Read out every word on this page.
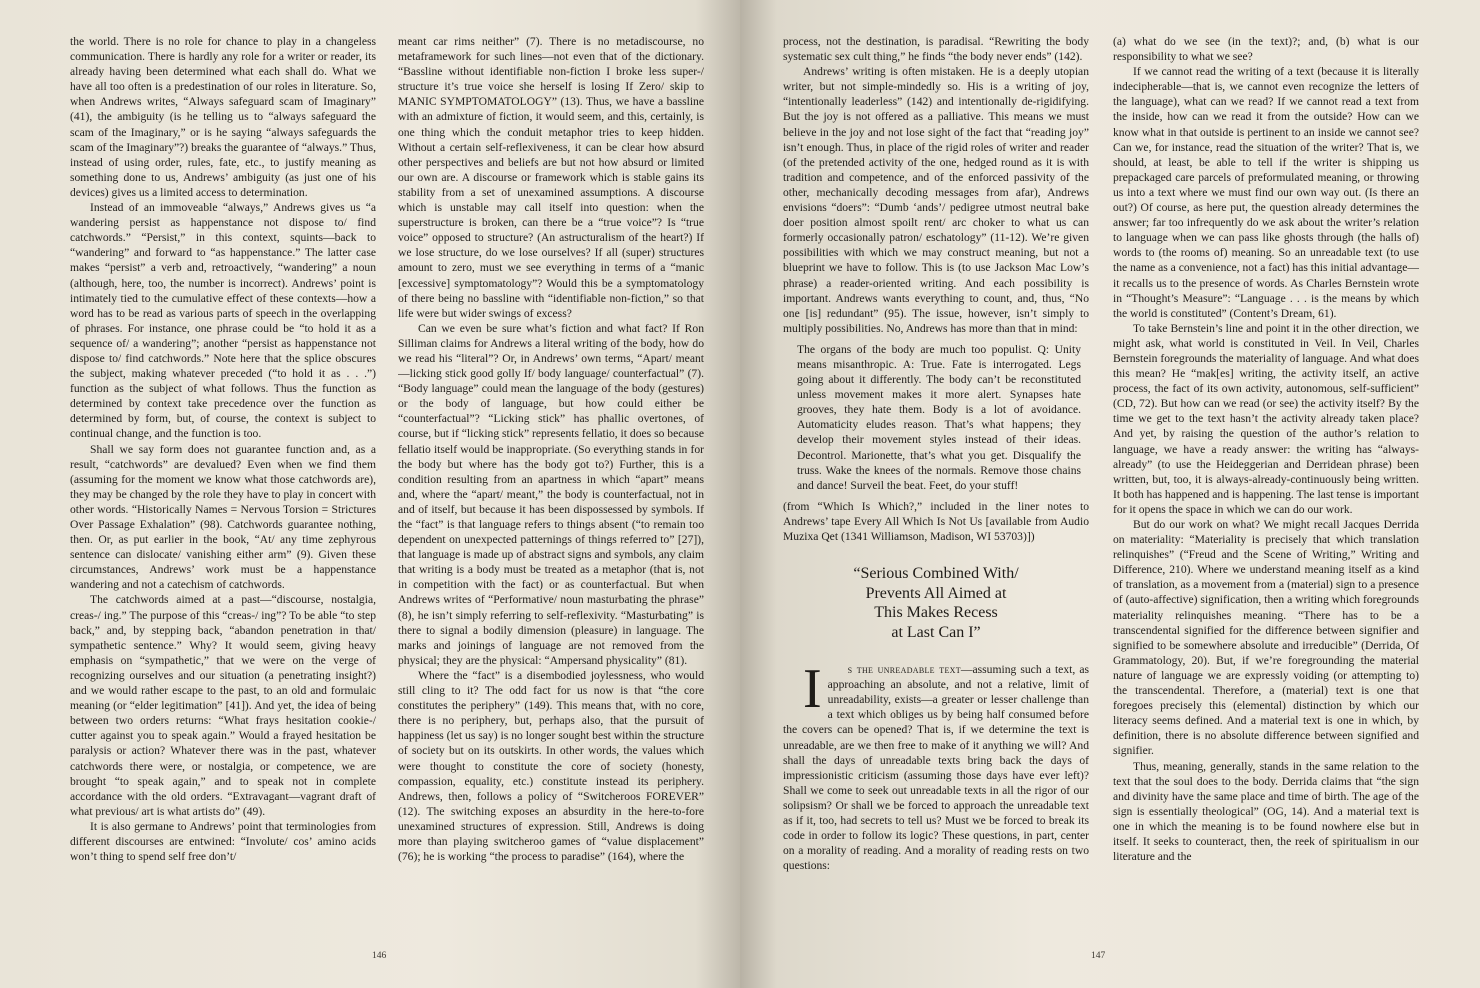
the world. There is no role for chance to play in a changeless communication. There is hardly any role for a writer or reader, its already having been determined what each shall do. What we have all too often is a predestination of our roles in literature. So, when Andrews writes, “Always safeguard scam of Imaginary” (41), the ambiguity (is he telling us to “always safeguard the scam of the Imaginary,” or is he saying “always safeguards the scam of the Imaginary”?) breaks the guarantee of “always.” Thus, instead of using order, rules, fate, etc., to justify meaning as something done to us, Andrews’ ambiguity (as just one of his devices) gives us a limited access to determination.

Instead of an immoveable “always,” Andrews gives us “a wandering persist as happenstance not dispose to/ find catchwords.” “Persist,” in this context, squints—back to “wandering” and forward to “as happenstance.” The latter case makes “persist” a verb and, retroactively, “wandering” a noun (although, here, too, the number is incorrect). Andrews’ point is intimately tied to the cumulative effect of these contexts—how a word has to be read as various parts of speech in the overlapping of phrases. For instance, one phrase could be “to hold it as a sequence of/ a wandering”; another “persist as happenstance not dispose to/ find catchwords.” Note here that the splice obscures the subject, making whatever preceded (“to hold it as . . .”) function as the subject of what follows. Thus the function as determined by context take precedence over the function as determined by form, but, of course, the context is subject to continual change, and the function is too.

Shall we say form does not guarantee function and, as a result, “catchwords” are devalued? Even when we find them (assuming for the moment we know what those catchwords are), they may be changed by the role they have to play in concert with other words. “Historically Names = Nervous Torsion = Strictures Over Passage Exhalation” (98). Catchwords guarantee nothing, then. Or, as put earlier in the book, “At/ any time zephyrous sentence can dislocate/ vanishing either arm” (9). Given these circumstances, Andrews’ work must be a happenstance wandering and not a catechism of catchwords.

The catchwords aimed at a past—“discourse, nostalgia, creas-/ ing.” The purpose of this “creas-/ ing”? To be able “to step back,” and, by stepping back, “abandon penetration in that/ sympathetic sentence.” Why? It would seem, giving heavy emphasis on “sympathetic,” that we were on the verge of recognizing ourselves and our situation (a penetrating insight?) and we would rather escape to the past, to an old and formulaic meaning (or “elder legitimation” [41]). And yet, the idea of being between two orders returns: “What frays hesitation cookie-/ cutter against you to speak again.” Would a frayed hesitation be paralysis or action? Whatever there was in the past, whatever catchwords there were, or nostalgia, or competence, we are brought “to speak again,” and to speak not in complete accordance with the old orders. “Extravagant—vagrant draft of what previous/ art is what artists do” (49).

It is also germane to Andrews’ point that terminologies from different discourses are entwined: “Involute/ cos’ amino acids won’t thing to spend self free don’t/

meant car rims neither” (7). There is no metadiscourse, no metaframework for such lines—not even that of the dictionary. “Bassline without identifiable non-fiction I broke less super-/ structure it’s true voice she herself is losing If Zero/ skip to MANIC SYMPTOMATOLOGY” (13). Thus, we have a bassline with an admixture of fiction, it would seem, and this, certainly, is one thing which the conduit metaphor tries to keep hidden. Without a certain self-reflexiveness, it can be clear how absurd other perspectives and beliefs are but not how absurd or limited our own are. A discourse or framework which is stable gains its stability from a set of unexamined assumptions. A discourse which is unstable may call itself into question: when the superstructure is broken, can there be a “true voice”? Is “true voice” opposed to structure? (An astructuralism of the heart?) If we lose structure, do we lose ourselves? If all (super) structures amount to zero, must we see everything in terms of a “manic [excessive] symptomatology”? Would this be a symptomatology of there being no bassline with “identifiable non-fiction,” so that life were but wider swings of excess?

Can we even be sure what’s fiction and what fact? If Ron Silliman claims for Andrews a literal writing of the body, how do we read his “literal”? Or, in Andrews’ own terms, “Apart/ meant —licking stick good golly If/ body language/ counterfactual” (7). “Body language” could mean the language of the body (gestures) or the body of language, but how could either be “counterfactual”? “Licking stick” has phallic overtones, of course, but if “licking stick” represents fellatio, it does so because fellatio itself would be inappropriate. (So everything stands in for the body but where has the body got to?) Further, this is a condition resulting from an apartness in which “apart” means and, where the “apart/ meant,” the body is counterfactual, not in and of itself, but because it has been dispossessed by symbols. If the “fact” is that language refers to things absent (“to remain too dependent on unexpected patternings of things referred to” [27]), that language is made up of abstract signs and symbols, any claim that writing is a body must be treated as a metaphor (that is, not in competition with the fact) or as counterfactual. But when Andrews writes of “Performative/ noun masturbating the phrase” (8), he isn’t simply referring to self-reflexivity. “Masturbating” is there to signal a bodily dimension (pleasure) in language. The marks and joinings of language are not removed from the physical; they are the physical: “Ampersand physicality” (81).

Where the “fact” is a disembodied joylessness, who would still cling to it? The odd fact for us now is that “the core constitutes the periphery” (149). This means that, with no core, there is no periphery, but, perhaps also, that the pursuit of happiness (let us say) is no longer sought best within the structure of society but on its outskirts. In other words, the values which were thought to constitute the core of society (honesty, compassion, equality, etc.) constitute instead its periphery. Andrews, then, follows a policy of “Switcheroos FOREVER” (12). The switching exposes an absurdity in the here-to-fore unexamined structures of expression. Still, Andrews is doing more than playing switcheroo games of “value displacement” (76); he is working “the process to paradise” (164), where the

146

process, not the destination, is paradisal. “Rewriting the body systematic sex cult thing,” he finds “the body never ends” (142).

Andrews’ writing is often mistaken. He is a deeply utopian writer, but not simple-mindedly so. His is a writing of joy, “intentionally leaderless” (142) and intentionally de-rigidifying. But the joy is not offered as a palliative. This means we must believe in the joy and not lose sight of the fact that “reading joy” isn’t enough. Thus, in place of the rigid roles of writer and reader (of the pretended activity of the one, hedged round as it is with tradition and competence, and of the enforced passivity of the other, mechanically decoding messages from afar), Andrews envisions “doers”: “Dumb ‘ands’/ pedigree utmost neutral bake doer position almost spoilt rent/ arc choker to what us can formerly occasionally patron/ eschatology” (11-12). We’re given possibilities with which we may construct meaning, but not a blueprint we have to follow. This is (to use Jackson Mac Low’s phrase) a reader-oriented writing. And each possibility is important. Andrews wants everything to count, and, thus, “No one [is] redundant” (95). The issue, however, isn’t simply to multiply possibilities. No, Andrews has more than that in mind:

The organs of the body are much too populist. Q: Unity means misanthropic. A: True. Fate is interrogated. Legs going about it differently. The body can’t be reconstituted unless movement makes it more alert. Synapses hate grooves, they hate them. Body is a lot of avoidance. Automaticity eludes reason. That’s what happens; they develop their movement styles instead of their ideas. Decontrol. Marionette, that’s what you get. Disqualify the truss. Wake the knees of the normals. Remove those chains and dance! Surveil the beat. Feet, do your stuff!

(from “Which Is Which?,” included in the liner notes to Andrews’ tape Every All Which Is Not Us [available from Audio Muzixa Qet (1341 Williamson, Madison, WI 53703)])

“Serious Combined With/
Prevents All Aimed at
This Makes Recess
at Last Can I”

I s the unreadable text—assuming such a text, as approaching an absolute, and not a relative, limit of unreadability, exists—a greater or lesser challenge than a text which obliges us by being half consumed before the covers can be opened? That is, if we determine the text is unreadable, are we then free to make of it anything we will? And shall the days of unreadable texts bring back the days of impressionistic criticism (assuming those days have ever left)? Shall we come to seek out unreadable texts in all the rigor of our solipsism? Or shall we be forced to approach the unreadable text as if it, too, had secrets to tell us? Must we be forced to break its code in order to follow its logic? These questions, in part, center on a morality of reading. And a morality of reading rests on two questions:

(a) what do we see (in the text)?; and, (b) what is our responsibility to what we see?

If we cannot read the writing of a text (because it is literally indecipherable—that is, we cannot even recognize the letters of the language), what can we read? If we cannot read a text from the inside, how can we read it from the outside? How can we know what in that outside is pertinent to an inside we cannot see? Can we, for instance, read the situation of the writer? That is, we should, at least, be able to tell if the writer is shipping us prepackaged care parcels of preformulated meaning, or throwing us into a text where we must find our own way out. (Is there an out?) Of course, as here put, the question already determines the answer; far too infrequently do we ask about the writer’s relation to language when we can pass like ghosts through (the halls of) words to (the rooms of) meaning. So an unreadable text (to use the name as a convenience, not a fact) has this initial advantage—it recalls us to the presence of words. As Charles Bernstein wrote in “Thought’s Measure”: “Language . . . is the means by which the world is constituted” (Content’s Dream, 61).

To take Bernstein’s line and point it in the other direction, we might ask, what world is constituted in Veil. In Veil, Charles Bernstein foregrounds the materiality of language. And what does this mean? He “mak[es] writing, the activity itself, an active process, the fact of its own activity, autonomous, self-sufficient” (CD, 72). But how can we read (or see) the activity itself? By the time we get to the text hasn’t the activity already taken place? And yet, by raising the question of the author’s relation to language, we have a ready answer: the writing has “always-already” (to use the Heideggerian and Derridean phrase) been written, but, too, it is always-already-continuously being written. It both has happened and is happening. The last tense is important for it opens the space in which we can do our work.

But do our work on what? We might recall Jacques Derrida on materiality: “Materiality is precisely that which translation relinquishes” (“Freud and the Scene of Writing,” Writing and Difference, 210). Where we understand meaning itself as a kind of translation, as a movement from a (material) sign to a presence of (auto-affective) signification, then a writing which foregrounds materiality relinquishes meaning. “There has to be a transcendental signified for the difference between signifier and signified to be somewhere absolute and irreducible” (Derrida, Of Grammatology, 20). But, if we’re foregrounding the material nature of language we are expressly voiding (or attempting to) the transcendental. Therefore, a (material) text is one that foregoes precisely this (elemental) distinction by which our literacy seems defined. And a material text is one in which, by definition, there is no absolute difference between signified and signifier.

Thus, meaning, generally, stands in the same relation to the text that the soul does to the body. Derrida claims that “the sign and divinity have the same place and time of birth. The age of the sign is essentially theological” (OG, 14). And a material text is one in which the meaning is to be found nowhere else but in itself. It seeks to counteract, then, the reek of spiritualism in our literature and the

147
